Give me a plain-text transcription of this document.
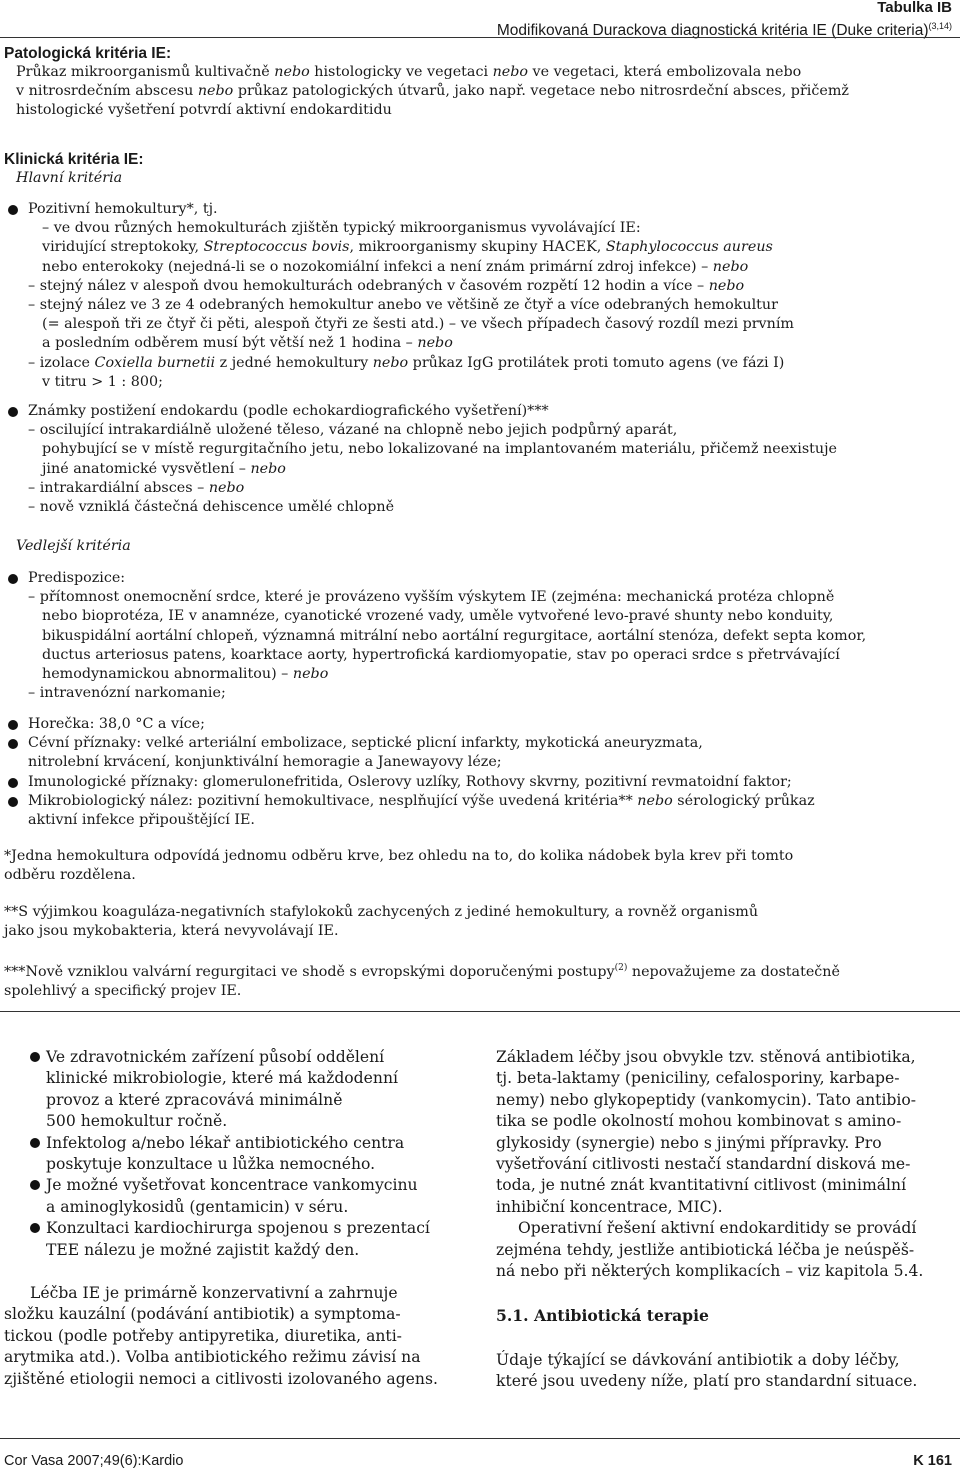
Tabulka IB
Modifikovaná Durackova diagnostická kritéria IE (Duke criteria)$^{(3,14)}$
Patologická kritéria IE:
Průkaz mikroorganismů kultivačně nebo histologicky ve vegetaci nebo ve vegetaci, která embolizovala nebo
v nitrosrdečním abscesu nebo průkaz patologických útvarů, jako např. vegetace nebo nitrosrdeční absces, přičemž
histologické vyšetření potvrdí aktivní endokarditidu
Klinická kritéria IE:
Hlavní kritéria
Pozitivní hemokultury*, tj.
– ve dvou různých hemokulturách zjištěn typický mikroorganismus vyvolávající IE:
viridující streptokoky, Streptococcus bovis, mikroorganismy skupiny HACEK, Staphylococcus aureus
nebo enterokoky (nejedná-li se o nozokomiální infekci a není znám primární zdroj infekce) – nebo
– stejný nález v alespoň dvou hemokulturách odebraných v časovém rozpětí 12 hodin a více – nebo
– stejný nález ve 3 ze 4 odebraných hemokultur anebo ve většině ze čtyř a více odebraných hemokultur
(= alespoň tři ze čtyř či pěti, alespoň čtyři ze šesti atd.) – ve všech případech časový rozdíl mezi prvním
a posledním odběrem musí být větší než 1 hodina – nebo
– izolace Coxiella burnetii z jedné hemokultury nebo průkaz IgG protilátek proti tomuto agens (ve fázi I)
v titru > 1 : 800;
Známky postižení endokardu (podle echokardiografického vyšetření)***
– oscilující intrakardiálně uložené těleso, vázané na chlopně nebo jejich podpůrný aparát,
pohybující se v místě regurgitačního jetu, nebo lokalizované na implantovaném materiálu, přičemž neexistuje
jiné anatomické vysvětlení – nebo
– intrakardiální absces – nebo
– nově vzniklá částečná dehiscence umělé chlopně
Vedlejší kritéria
Predispozice:
– přítomnost onemocnění srdce, které je provázeno vyšším výskytem IE (zejména: mechanická protéza chlopně
nebo bioprotéza, IE v anamnéze, cyanotické vrozené vady, uměle vytvořené levo-pravé shunty nebo konduity,
bikuspidální aortální chlopeň, významná mitrální nebo aortální regurgitace, aortální stenóza, defekt septa komor,
ductus arteriosus patens, koarktace aorty, hypertrofická kardiomyopatie, stav po operaci srdce s přetrvávající
hemodynamickou abnormalitou) – nebo
– intravenózní narkomanie;
Horečka: 38,0 °C a více;
Cévní příznaky: velké arteriální embolizace, septické plicní infarkty, mykotická aneuryzmata,
nitrolební krvácení, konjunktivální hemoragie a Janewayovy léze;
Imunologické příznaky: glomerulonefritida, Oslerovy uzlíky, Rothovy skvrny, pozitivní revmatoidní faktor;
Mikrobiologický nález: pozitivní hemokultivace, nesplňující výše uvedená kritéria** nebo sérologický průkaz
aktivní infekce připouštějící IE.
*Jedna hemokultura odpovídá jednomu odběru krve, bez ohledu na to, do kolika nádobek byla krev při tomto
odběru rozdělena.
**S výjimkou koaguláza-negativních stafylokoků zachycených z jediné hemokultury, a rovněž organismů
jako jsou mykobakteria, která nevyvolávají IE.
***Nově vzniklou valvární regurgitaci ve shodě s evropskými doporučenými postupy$^{(2)}$ nepovažujeme za dostatečně
spolehlivý a specifický projev IE.
Ve zdravotnickém zařízení působí oddělení
klinické mikrobiologie, které má každodenní
provoz a které zpracovává minimálně
500 hemokultur ročně.
Infektolog a/nebo lékař antibiotického centra
poskytuje konzultace u lůžka nemocného.
Je možné vyšetřovat koncentrace vankomycinu
a aminoglykosidů (gentamicin) v séru.
Konzultaci kardiochirurga spojenou s prezentací
TEE nálezu je možné zajistit každý den.
Léčba IE je primárně konzervativní a zahrnuje
složku kauzální (podávání antibiotik) a symptoma-
tickou (podle potřeby antipyretika, diuretika, anti-
arytmika atd.). Volba antibiotického režimu závisí na
zjištěné etiologii nemoci a citlivosti izolovaného agens.
Základem léčby jsou obvykle tzv. stěnová antibiotika,
tj. beta-laktamy (peniciliny, cefalosporiny, karbape-
nemy) nebo glykopeptidy (vankomycin). Tato antibio-
tika se podle okolností mohou kombinovat s amino-
glykosidy (synergie) nebo s jinými přípravky. Pro
vyšetřování citlivosti nestačí standardní disková me-
toda, je nutné znát kvantitativní citlivost (minimální
inhibiční koncentrace, MIC).
Operativní řešení aktivní endokarditidy se provádí
zejména tehdy, jestliže antibiotická léčba je neúspěš-
ná nebo při některých komplikacích – viz kapitola 5.4.
5.1. Antibiotická terapie
Údaje týkající se dávkování antibiotik a doby léčby,
které jsou uvedeny níže, platí pro standardní situace.
Cor Vasa 2007;49(6):Kardio	K 161
